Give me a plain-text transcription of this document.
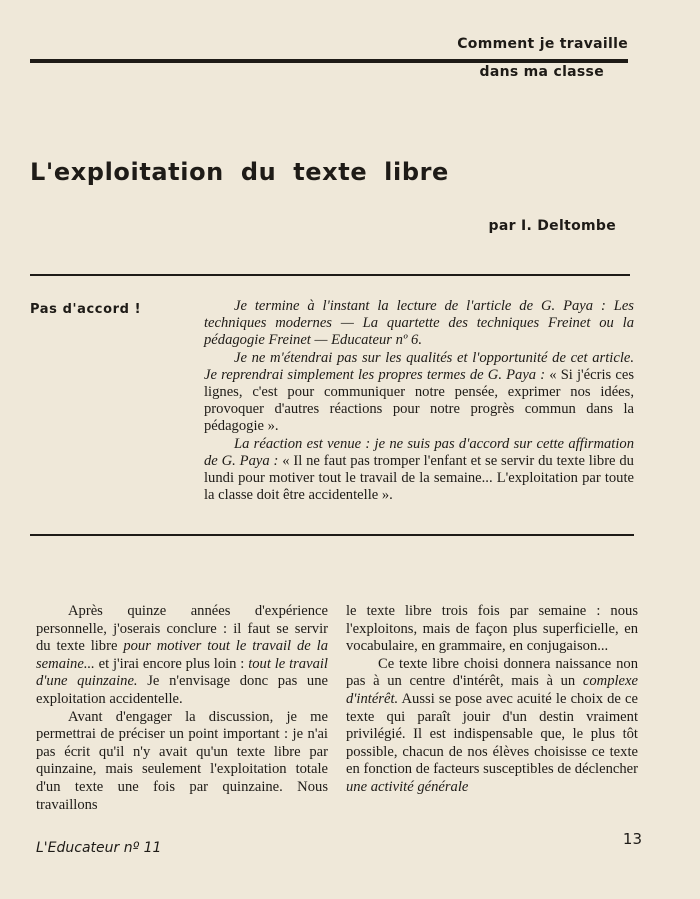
Comment je travaille
dans ma classe
L'exploitation du texte libre
par I. Deltombe
Pas d'accord !	Je termine à l'instant la lecture de l'article de G. Paya : Les techniques modernes — La quartette des techniques Freinet ou la pédagogie Freinet — Educateur nº 6.

Je ne m'étendrai pas sur les qualités et l'opportunité de cet article. Je reprendrai simplement les propres termes de G. Paya : « Si j'écris ces lignes, c'est pour communiquer notre pensée, exprimer nos idées, provoquer d'autres réactions pour notre progrès commun dans la pédagogie ».

La réaction est venue : je ne suis pas d'accord sur cette affirmation de G. Paya : « Il ne faut pas tromper l'enfant et se servir du texte libre du lundi pour motiver tout le travail de la semaine... L'exploitation par toute la classe doit être accidentelle ».

Après quinze années d'expérience personnelle, j'oserais conclure : il faut se servir du texte libre pour motiver tout le travail de la semaine... et j'irai encore plus loin : tout le travail d'une quinzaine. Je n'envisage donc pas une exploitation accidentelle.

Avant d'engager la discussion, je me permettrai de préciser un point important : je n'ai pas écrit qu'il n'y avait qu'un texte libre par quinzaine, mais seulement l'exploitation totale d'un texte une fois par quinzaine. Nous travaillons

le texte libre trois fois par semaine : nous l'exploitons, mais de façon plus superficielle, en vocabulaire, en grammaire, en conjugaison...

Ce texte libre choisi donnera naissance non pas à un centre d'intérêt, mais à un complexe d'intérêt. Aussi se pose avec acuité le choix de ce texte qui paraît jouir d'un destin vraiment privilégié. Il est indispensable que, le plus tôt possible, chacun de nos élèves choisisse ce texte en fonction de facteurs susceptibles de déclencher une activité générale

L'Educateur nº 11	13
